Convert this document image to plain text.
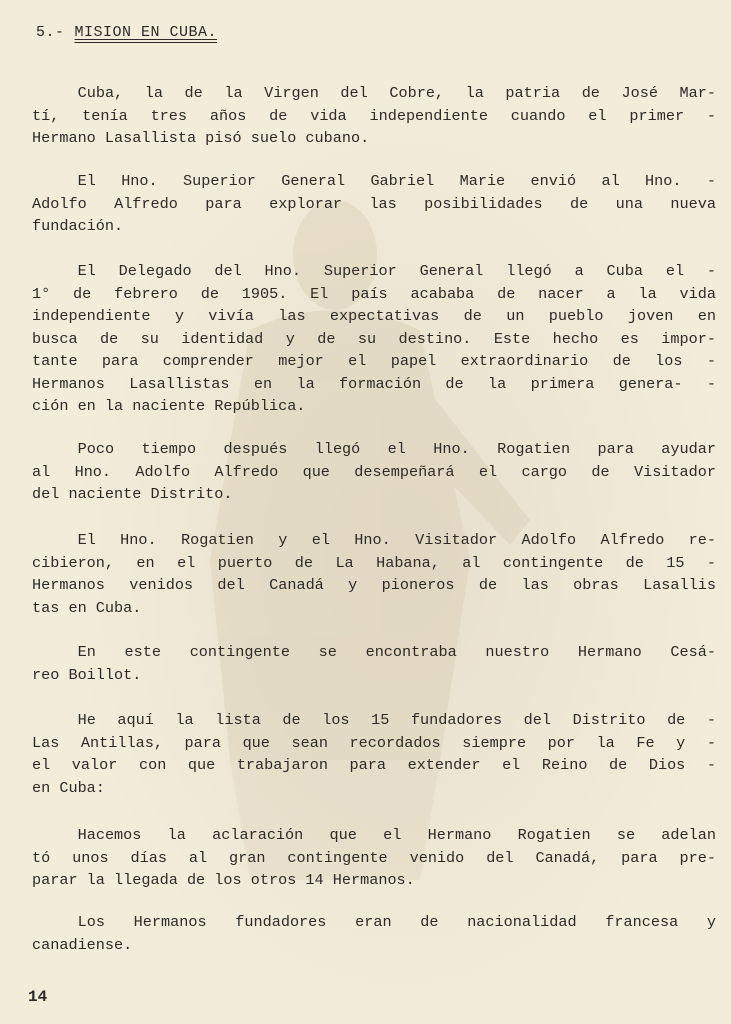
5.- MISION EN CUBA.
   Cuba, la de la Virgen del Cobre, la patria de José Mar-
tí, tenía tres años de vida independiente cuando el primer -
Hermano Lasallista pisó suelo cubano.
   El Hno. Superior General Gabriel Marie envió al Hno. -
Adolfo Alfredo para explorar las posibilidades de una nueva
fundación.
   El Delegado del Hno. Superior General llegó a Cuba el -
1° de febrero de 1905. El país acababa de nacer a la vida
independiente y vivía las expectativas de un pueblo joven en
busca de su identidad y de su destino. Este hecho es impor-
tante para comprender mejor el papel extraordinario de los -
Hermanos Lasallistas en la formación de la primera genera- -
ción en la naciente República.
   Poco tiempo después llegó el Hno. Rogatien para ayudar
al Hno. Adolfo Alfredo que desempeñará el cargo de Visitador
del naciente Distrito.
   El Hno. Rogatien y el Hno. Visitador Adolfo Alfredo re-
cibieron, en el puerto de La Habana, al contingente de 15 -
Hermanos venidos del Canadá y pioneros de las obras Lasallis
tas en Cuba.
   En este contingente se encontraba nuestro Hermano Cesá-
reo Boillot.
   He aquí la lista de los 15 fundadores del Distrito de -
Las Antillas, para que sean recordados siempre por la Fe y -
el valor con que trabajaron para extender el Reino de Dios -
en Cuba:
   Hacemos la aclaración que el Hermano Rogatien se adelan
tó unos días al gran contingente venido del Canadá, para pre-
parar la llegada de los otros 14 Hermanos.
   Los Hermanos fundadores eran de nacionalidad francesa y
canadiense.
14
